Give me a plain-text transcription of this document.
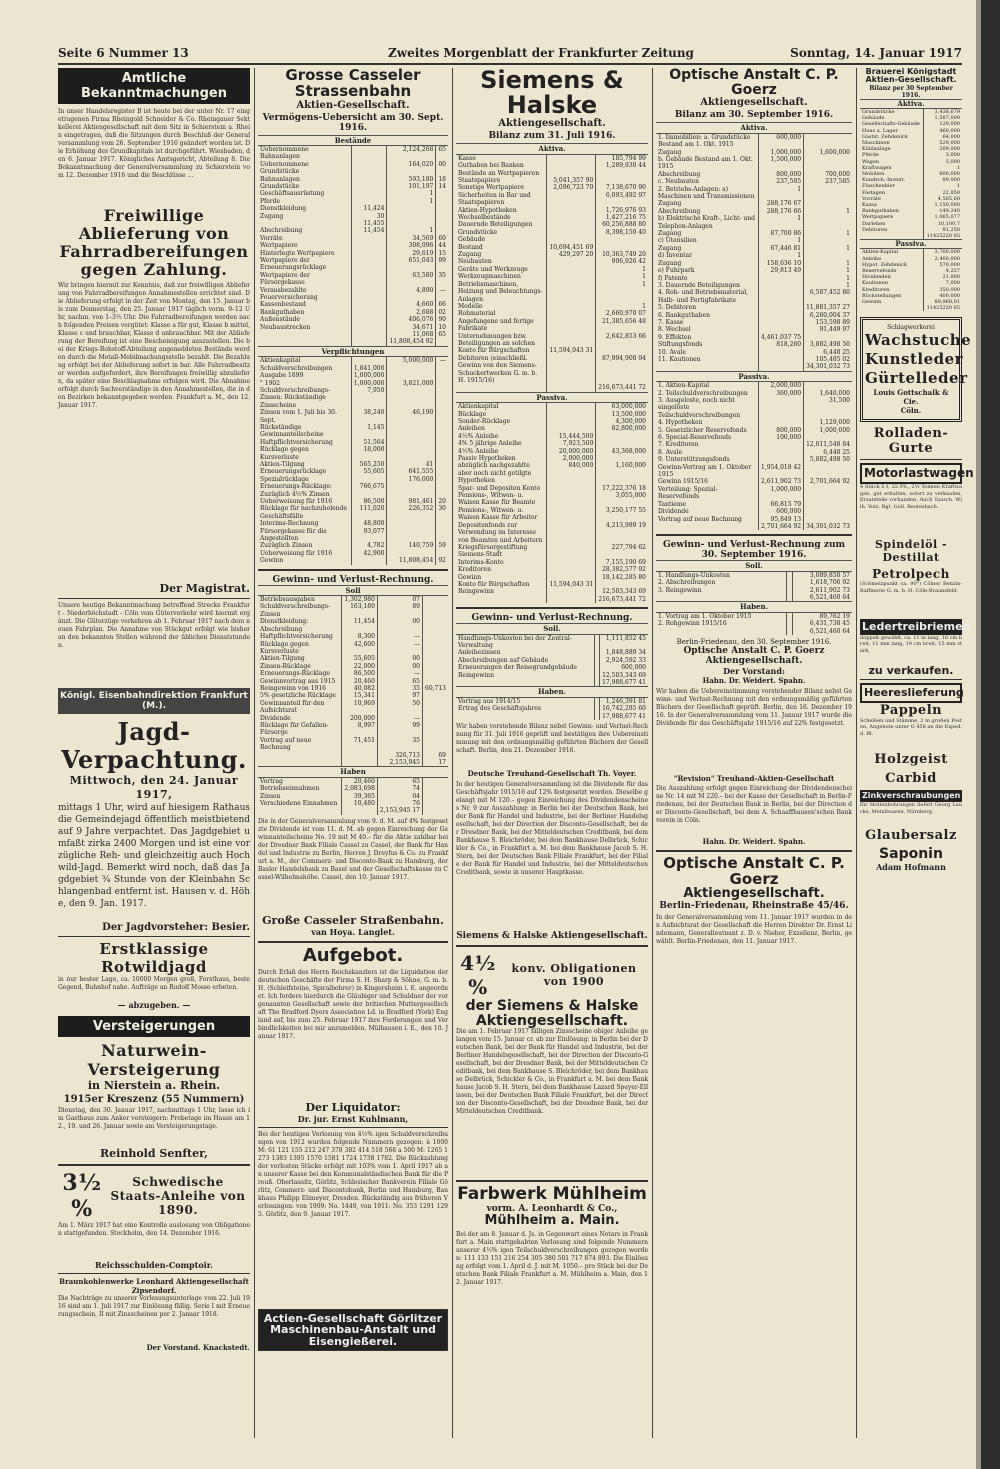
Seite 6 Nummer 13	Zweites Morgenblatt der Frankfurter Zeitung	Sonntag, 14. Januar 1917
Amtliche Bekanntmachungen
In unser Handelsregister B ist heute bei der unter Nr. 17 eingetragenen Firma Rheingold Schneider & Co. Rheingauer Sektkellerei Aktiengesellschaft mit dem Sitz in Schierstein a. Rhein eingetragen, daß die Sitzungen durch Beschluß der Generalversammlung vom 26. September 1916 geändert worden ist. Die Erhöhung des Grundkapitals ist durchgeführt. Wiesbaden, den 6. Januar 1917. Königliches Amtsgericht, Abteilung 8. Die Bekanntmachung der Generalversammlung zu Schierstein vom 12. Dezember 1916 und die Beschlüsse ...
Freiwillige Ablieferung von Fahrradbereifungen gegen Zahlung.
Wir bringen hiermit zur Kenntnis, daß zur freiwilligen Ablieferung von Fahrradbereifungen Annahmestellen errichtet sind. Die Ablieferung erfolgt in der Zeit von Montag, den 15. Januar bis zum Donnerstag, den 25. Januar 1917 täglich vorm. 9–12 Uhr, nachm. von 1–3½ Uhr. Die Fahrradbereifungen werden nach folgenden Preisen vergütet: Klasse a für gut, Klasse b mittel, Klasse c und brauchbar, Klasse d unbrauchbar. Mit der Ablieferung der Bereifung ist eine Bescheinigung auszustellen. Die bei der Kriegs-Rohstoff-Abteilung angemeldeten Bestände werden durch die Metall-Mobilmachungsstelle bezahlt. Die Bezahlung erfolgt bei der Ablieferung sofort in bar. Alle Fahrradbesitzer werden aufgefordert, ihre Bereifungen freiwillig abzuliefern, da später eine Beschlagnahme erfolgen wird. Die Abnahme erfolgt durch Sachverständige in den Annahmestellen, die in den Bezirken bekanntgegeben werden. Frankfurt a. M., den 12. Januar 1917.
Der Magistrat.
Unsere heutige Bekanntmachung betreffend Strecke Frankfurt - Niederhöchstadt - Cöln vom Güterverkehr wird hiermit ergänzt. Die Güterzüge verkehren ab 1. Februar 1917 nach dem neuen Fahrplan. Die Annahme von Stückgut erfolgt wie bisher an den bekannten Stellen während der üblichen Dienststunden.
Königl. Eisenbahndirektion Frankfurt (M.).
Jagd-Verpachtung.
Mittwoch, den 24. Januar 1917,
mittags 1 Uhr, wird auf hiesigem Rathaus die Gemeindejagd öffentlich meistbietend auf 9 Jahre verpachtet. Das Jagdgebiet umfaßt zirka 2400 Morgen und ist eine vorzügliche Reh- und gleichzeitig auch Hochwild-Jagd. Bemerkt wird noch, daß das Jagdgebiet ¾ Stunde von der Kleinbahn Schlangenbad entfernt ist. Hausen v. d. Höhe, den 9. Jan. 1917.
Der Jagdvorsteher: Besier.
Erstklassige Rotwildjagd
in nur bester Lage, ca. 10000 Morgen groß, Forsthaus, beste Gegend, Bahnhof nahe. Aufträge an Rudolf Mosse erbeten.
— abzugeben. —
Versteigerungen
Naturwein-Versteigerung
in Nierstein a. Rhein.
1915er Kreszenz (55 Nummern)
Dienstag, den 30. Januar 1917, nachmittags 1 Uhr, lasse ich im Gasthaus zum Anker versteigern: Probetage im Hause am 12., 19. und 26. Januar sowie am Versteigerungstage.
Reinhold Senfter,
3½ %
Schwedische Staats-Anleihe von 1890.
Am 1. März 1917 hat eine Kontrolle auslosung von Obligationen stattgefunden. Stockholm, den 14. Dezember 1916.
Reichsschulden-Comptoir.
Braunkohlenwerke Leonhard Aktiengesellschaft Zipsendorf.
Die Nachträge zu unserer Vorlesungsunterlage vom 22. Juli 1916 sind am 1. Juli 1917 zur Einlösung fällig. Serie I mit Erneuerungsschein, II mit Zinsscheinen per 2. Januar 1918.
Der Vorstand. Knackstedt.
Grosse Casseler Strassenbahn
Aktien-Gesellschaft.
Vermögens-Uebersicht am 30. Sept. 1916.
Bestände			
Uebernommene Bahnanlagen		2,124,268	65
Uebernommene Grundstücke		164,020	00
Bahnanlagen		593,180	18
Grundstücke		101,197	14
Geschäftsausrüstung		1	
Pferde		1	
Dienstkleidung	11,424		
Zugang	30		
	11,455		
Abschreibung	11,454	1	
Vorräte		34,569	60
Wertpapiere		308,096	44
Hinterlegte Wertpapiere		29,619	15
Wertpapiere der Erneuerungsrücklage		651,043	99
Wertpapiere der Fürsorgekasse		63,580	35
Verausbezahlte Feuerversicherung		4,890	—
Kassenbestand		4,660	66
Bankguthaben		2,688	02
Außenstände		406,076	90
Neubaustrecken		34,671	10
		11,068	65
		11,808,454 92	
Verpflichtungen			
Aktienkapital		5,000,000	—
Schuldverschreibungen	1,841,000		
Ausgabe 1899	1,000,000		
" 1902	1,000,000	3,821,000	
Schuldverschreibungs-Zinsen: Rückständige Zinsscheine	7,950		
Zinsen vom 1. Juli bis 30. Sept.	38,240	46,190	
Rückständige Gewinnanteilscheine	1,145		
Haftpflichtversicherung	51,564		
Rücklage gegen Kursverluste	18,000		
Aktien-Tilgung	565,250	41	
Erneuerungsrücklage	55,605	641,555	
Spezialrücklage		176,000	
Erneuerungs-Rücklage: Zuzüglich 4½% Zinsen	766,675		
Ueberweisung für 1916	86,500	981,461	20
Rücklage für nachzuholende Geschäftsfälle	111,020	226,352	30
Interims-Rechnung	48,800		
Fürsorgekasse für die Angestellten	93,077		
Zuzüglich Zinsen	4,782	140,759	59
Ueberweisung für 1916	42,900		
Gewinn		11,808,454	92
Gewinn- und Verlust-Rechnung.
Soll			
Betriebsausgaben	1,302,980	07	
Schuldverschreibungs-Zinsen	163,180	89	
Dienstkleidung: Abschreibung	11,454	00	
Haftpflichtversicherung	8,300	—	
Rücklage gegen Kursverluste	42,600	—	
Aktien-Tilgung	55,605	00	
Zinsen-Rücklage	22,000	00	
Erneuerungs-Rücklage	86,500	—	
Gewinnvortrag aus 1915	20,460	65	
Reingewinn von 1916	40,082	35	60,713
5% gesetzliche Rücklage	15,341	97	
Gewinnanteil für den Aufsichtsrat	10,969	50	
Dividende	200,000	—	
Rücklage für Gefallen-Fürsorge	8,997	99	
Vortrag auf neue Rechnung	71,451	35	
		326,713	69
		2,153,945	17
Haben			
Vortrag	20,460	65	
Betriebseinnahmen	2,083,698	74	
Zinsen	39,365	04	
Verschiedene Einnahmen	10,480	76	
		2,153,945 17	
Die in der Generalversammlung vom 9. d. M. auf 4% festgesetzte Dividende ist vom 11. d. M. ab gegen Einreichung der Gewinnanteilscheine No. 19 mit M 40.– für die Aktie zahlbar bei der Dresdner Bank Filiale Cassel zu Cassel, der Bank für Handel und Industrie zu Berlin, Herren J. Dreyfus & Co. zu Frankfurt a. M., der Commerz- und Disconto-Bank zu Hamburg, der Basler Handelsbank zu Basel und der Gesellschaftskasse zu Cassel-Wilhelmshöhe. Cassel, den 10. Januar 1917.
Große Casseler Straßenbahn.
van Hoya. Langlet.
Aufgebot.
Durch Erlaß des Herrn Reichskanzlers ist die Liquidation der deutschen Geschäfte der Firma S. H. Sharp & Söhne, G. m. b. H. (Schleifsteine, Spiralbohrer) in Kingersheim i. E. angeordnet. Ich fordere hierdurch die Gläubiger und Schuldner der vorgenannten Gesellschaft sowie der britischen Muttergesellschaft The Bradford Dyers Association Ld. in Bradford (York) England auf, bis zum 25. Februar 1917 ihre Forderungen und Verbindlichkeiten bei mir anzumelden. Mülhausen i. E., den 10. Januar 1917.
Der Liquidator:
Dr. jur. Ernst Kuhlmann,
Bei der heutigen Verlosung von 4½% igen Schuldverschreibungen von 1912 wurden folgende Nummern gezogen: à 1000 M: 61 121 155 212 247 378 382 414 518 568 a 500 M: 1265 1273 1383 1395 1570 1581 1724 1738 1782. Die Rückzahlung der verlosten Stücke erfolgt mit 103% vom 1. April 1917 ab an unserer Kasse bei den Kommunalständischen Bank für die Preuß. Oberlausitz, Görlitz, Schlesischer Bankverein Filiale Görlitz, Commerz- und Discontobank, Berlin und Hamburg, Bankhaus Philipp Elimeyer, Dresden. Rückständig aus früheren Verlosungen: von 1909: No. 1449, von 1911: No. 353 1291 1295. Görlitz, den 9. Januar 1917.
Actien-Gesellschaft Görlitzer Maschinenbau-Anstalt und Eisengießerei.
Siemens & Halske
Aktiengesellschaft.
Bilanz zum 31. Juli 1916.
Aktiva.		
Kasse		185,794 99
Guthaben bei Banken		1,289,930 44
Bestände an Wertpapieren		
Staatspapiere	5,041,357 90	
Sonstige Wertpapiere	2,096,723 70	7,138,670 90
Sicherheiten in Bar und Staatspapieren		6,093,492 97
Aktien-Hypotheken		1,726,976 93
Wechselbestände		1,427,216 75
Dauernde Beteiligungen		60,256,888 80
Grundstücke		8,398,150 40
Gebäude		
Bestand	10,694,451 69	
Zugang	429,297 20	10,363,749 20
Neubauten		906,926 42
Geräte und Werkzeuge		1
Werkzeugmaschinen		1
Betriebsmaschinen, Heizung und Beleuchtungs-Anlagen		1
Modelle		1
Rohmaterial		2,660,970 07
Angefangene und fertige Fabrikate		21,385,656 48
Unternehmungen bzw. Beteiligungen an solchen		2,642,853 66
Konto für Bürgschaften	11,594,043 31	
Debitoren (einschließl. Gewinn von den Siemens-Schuckertwerken G. m. b. H. 1915/16)		87,994,900 94
		216,673,441 72
Passiva.		
Aktienkapital		63,000,000
Rücklage		13,500,000
Sonder-Rücklage		4,300,000
Anleihen		82,800,000
4½% Anleihe	15,444,500	
4% 5 jährige Anleihe	7,923,500	
4½% Anleihe	20,000,000	43,368,000
Passiv Hypotheken	2,000,000	
abzüglich nachgezahlte aber noch nicht getilgte Hypotheken	840,000	1,160,000
Spar- und Depositen Konto		17,222,376 18
Pensions-, Witwen- u. Waisen Kasse für Beamte		3,055,000
Pensions-, Witwen- u. Waisen Kasse für Arbeiter		3,250,177 55
Depositenfonds zur Verwendung im Interesse von Beamten und Arbeitern		4,213,989 19
Kriegsfürsorgestiftung Siemens-Stadt		227,794 62
Interims-Konto		7,155,190 69
Kreditoren		28,382,577 92
Gewinn		18,142,285 80
Konto für Bürgschaften	11,594,043 31	
Reingewinn		12,503,343 69
		216,673,441 72
Gewinn- und Verlust-Rechnung.
Soll.		
Handlungs-Unkosten bei der Zentral-Verwaltung		1,111,852 45
Anleihezinsen		1,848,889 34
Abschreibungen auf Gebäude		2,924,592 33
Erneuerungen der Reisegrundgebäude		600,000
Reingewinn		12,503,343 69
		17,988,677 41
Haben.		
Vortrag aus 1914/15		1,246,391 81
Ertrag des Geschäftsjahres		16,742,285 60
		17,988,677 41
Wir haben vorstehende Bilanz nebst Gewinn- und Verlust-Rechnung für 31. Juli 1916 geprüft und bestätigen ihre Uebereinstimmung mit den ordnungsmäßig geführten Büchern der Gesellschaft. Berlin, den 21. Dezember 1916.
Deutsche Treuhand-Gesellschaft Th. Voyer.
In der heutigen Generalversammlung ist die Dividende für das Geschäftsjahr 1915/16 auf 12% festgesetzt worden. Dieselbe gelangt mit M 120.– gegen Einreichung des Dividendenscheines Nr. 9 zur Auszahlung: in Berlin bei der Deutschen Bank, bei der Bank für Handel und Industrie, bei der Berliner Handelsgesellschaft, bei der Direction der Disconto-Gesellschaft, bei der Dresdner Bank, bei der Mitteldeutschen Creditbank, bei dem Bankhause S. Bleichröder, bei dem Bankhause Delbrück, Schickler & Co., in Frankfurt a. M. bei dem Bankhause Jacob S. H. Stern, bei der Deutschen Bank Filiale Frankfurt, bei der Filiale der Bank für Handel und Industrie, bei der Mitteldeutschen Creditbank, sowie in unserer Hauptkasse.
Siemens & Halske Aktiengesellschaft.
4½ %
konv. Obligationen von 1900
der Siemens & Halske Aktiengesellschaft.
Die am 1. Februar 1917 fälligen Zinsscheine obiger Anleihe gelangen vom 15. Januar cr. ab zur Einlösung: in Berlin bei der Deutschen Bank, bei der Bank für Handel und Industrie, bei der Berliner Handelsgesellschaft, bei der Direction der Disconto-Gesellschaft, bei der Dresdner Bank, bei der Mitteldeutschen Creditbank, bei dem Bankhause S. Bleichröder, bei dem Bankhause Delbrück, Schickler & Co., in Frankfurt a. M. bei dem Bankhause Jacob S. H. Stern, bei dem Bankhause Lazard Speyer-Ellissen, bei der Deutschen Bank Filiale Frankfurt, bei der Direction der Disconto-Gesellschaft, bei der Dresdner Bank, bei der Mitteldeutschen Creditbank.
Farbwerk Mühlheim
vorm. A. Leonhardt & Co.,
Mühlheim a. Main.
Bei der am 8. Januar d. Js. in Gegenwart eines Notars in Frankfurt a. Main stattgehabten Verlosung sind folgende Nummern unserer 4½% igen Teilschuldverschreibungen gezogen worden: 111 133 151 216 254 305 380 501 717 874 893. Die Einlösung erfolgt vom 1. April d. J. mit M. 1050.– pro Stück bei der Deutschen Bank Filiale Frankfurt a. M. Mühlheim a. Main, den 12. Januar 1917.
Optische Anstalt C. P. Goerz
Aktiengesellschaft.
Bilanz am 30. September 1916.
Aktiva.		
1. Immobilien: a. Grundstücke Bestand am 1. Okt. 1915	600,000	
Zugang	1,000,000	1,600,000
b. Gebäude Bestand am 1. Okt. 1915	1,500,000	
Abschreibung	800,000	700,000
c. Neubauten	237,585	237,585
2. Betriebs-Anlagen: a) Maschinen und Transmissionen	1	
Zugang	288,176 67	
Abschreibung	288,176 66	1
b) Elektrische Kraft-, Licht- und Telephon-Anlagen	1	
Zugang	87,700 86	1
c) Utensilien	1	
Zugang	67,446 81	1
d) Inventar	1	
Zugang	158,636 10	1
e) Fuhrpark	29,813 49	1
f) Patente		1
3. Dauernde Beteiligungen		1
4. Roh- und Betriebsmaterial, Halb- und Fertigfabrikate		6,587,452 80
5. Debitoren		11,881,357 27
6. Bankguthaben		6,260,004 37
7. Kasse		153,598 89
8. Wechsel		91,449 97
9. Effekten	4,461,037 75	
Stiftungsfonds	818,260	3,882,498 50
10. Avale		6,448 25
11. Kautionen		105,485 02
		34,301,032 73
Passiva.		
1. Aktien-Kapital	2,000,000	
2. Teilschuldverschreibungen	360,000	1,640,000
3. Ausgeloste, noch nicht eingelöste Teilschuldverschreibungen		31,500
4. Hypotheken		1,129,000
5. Gesetzlicher Reservefonds	800,000	1,000,000
6. Special-Reservefonds	100,000	
7. Kreditoren		12,011,548 84
8. Avale		6,448 25
9. Unterstützungsfonds		5,882,498 50
Gewinn-Vortrag am 1. Oktober 1915	1,954,018 42	
Gewinn 1915/16	2,611,902 73	2,701,664 92
Verteilung: Spezial-Reservefonds	1,000,000	
Tantieme	66,815 79	
Dividende	600,000	
Vortrag auf neue Rechnung	95,849 13	
	2,701,664 92	34,301,032 73
Gewinn- und Verlust-Rechnung zum 30. September 1916.
Soll.		
1. Handlungs-Unkosten		3,089,850 57
2. Abschreibungen		1,618,706 92
3. Reingewinn		2,611,902 73
		6,521,460 64
Haben.		
1. Vortrag am 1. Oktober 1915		89,762 19
2. Rohgewinn 1915/16		6,431,738 45
		6,521,460 64
Berlin-Friedenau, den 30. September 1916.
Optische Anstalt C. P. Goerz Aktiengesellschaft.
Der Vorstand:
Hahn. Dr. Weidert. Spahn.
Wir haben die Uebereinstimmung vorstehender Bilanz nebst Gewinn- und Verlust-Rechnung mit den ordnungsmäßig geführten Büchern der Gesellschaft geprüft. Berlin, den 16. Dezember 1916. In der Generalversammlung vom 11. Januar 1917 wurde die Dividende für das Geschäftsjahr 1915/16 auf 22% festgesetzt.
"Revision" Treuhand-Aktien-Gesellschaft
Die Auszahlung erfolgt gegen Einreichung der Dividendenscheine Nr. 14 mit M 220.– bei der Kasse der Gesellschaft in Berlin-Friedenau, bei der Deutschen Bank in Berlin, bei der Direction der Disconto-Gesellschaft, bei dem A. Schaaffhausen'schen Bankverein in Cöln.
Hahn. Dr. Weidert. Spahn.
Optische Anstalt C. P. Goerz
Aktiengesellschaft.
Berlin-Friedenau, Rheinstraße 45/46.
In der Generalversammlung vom 11. Januar 1917 wurden in den Aufsichtsrat der Gesellschaft die Herren Direktor Dr. Ernst Lindemann, Generalleutnant z. D. v. Nieber, Exzellenz, Berlin, gewählt. Berlin-Friedenau, den 11. Januar 1917.
Brauerei Königstadt Aktien-Gesellschaft.
Bilanz per 30 September 1916.
Aktiva.	
Grundstücke	3,438,679
Gebäude	1,587,000
Gesellschafts-Gebäude	120,000
Haus a. Lager	460,000
Gastst. Zehdenick	64,000
Maschinen	529,000
Kühlanlage	209,000
Pferde	3,000
Wagen	5,000
Kraftwagen	1
Mobilien	600,000
Kundsch.-Invent.	89,000
Flaschenbier	1
Fastagen	22,850
Vorräte	4,565,60
Kassa	1,150,000
Bankguthaben	149,240
Wertpapiere	1,065,077
Darlehen	10,100,7
Debitoren	81,250
	11425220 85
Passiva.	
Aktien-Kapital	3,700,000
Anleihe	2,400,000
Hypot. Zehdenick	570,000
Reservefonds	4,257
Dividenden	21,800
Kautionen	7,000
Kreditoren	350,000
Rückstellungen	400,000
Gewinn	88,968,01
	11425220 85
Schlagwerkerei
Wachstuche Kunstleder Gürtelleder
Louis Gottschalk & Cie.
Cöln.
Rolladen-Gurte
Motorlastwagen
4 Stück 5 t, 22 PS., 2½ Tonnen Kraftwagen, gut erhalten, sofort zu verkaufen, Ersatzteile vorhanden. Auch Tausch. Wilh. Volz, Rgt. Goll. Reutesbach.
Spindelöl - Destillat
Petrolpech
(Schmelzpunkt ca. 90°) Cölner Benzin-Raffinerie G. m. b. H. Cöln-Braunsfeld.
Ledertreibriemen
doppelt gewählt, ca. 11 m lang, 16 cm breit, 11 mm lang, 19 cm breit, 15 mm stark,
zu verkaufen.
Heereslieferung
Pappeln
Scheiben und Stämme, 2 in großen Posten, Angebote unter G 458 an die Exped. d. Bl.
Holzgeist
Carbid
Zinkverschraubungen
für Stollenbohrungen liefert Georg Laucks, Metallwaren, Nürnberg.
Glaubersalz
Saponin
Adam Hofmann
